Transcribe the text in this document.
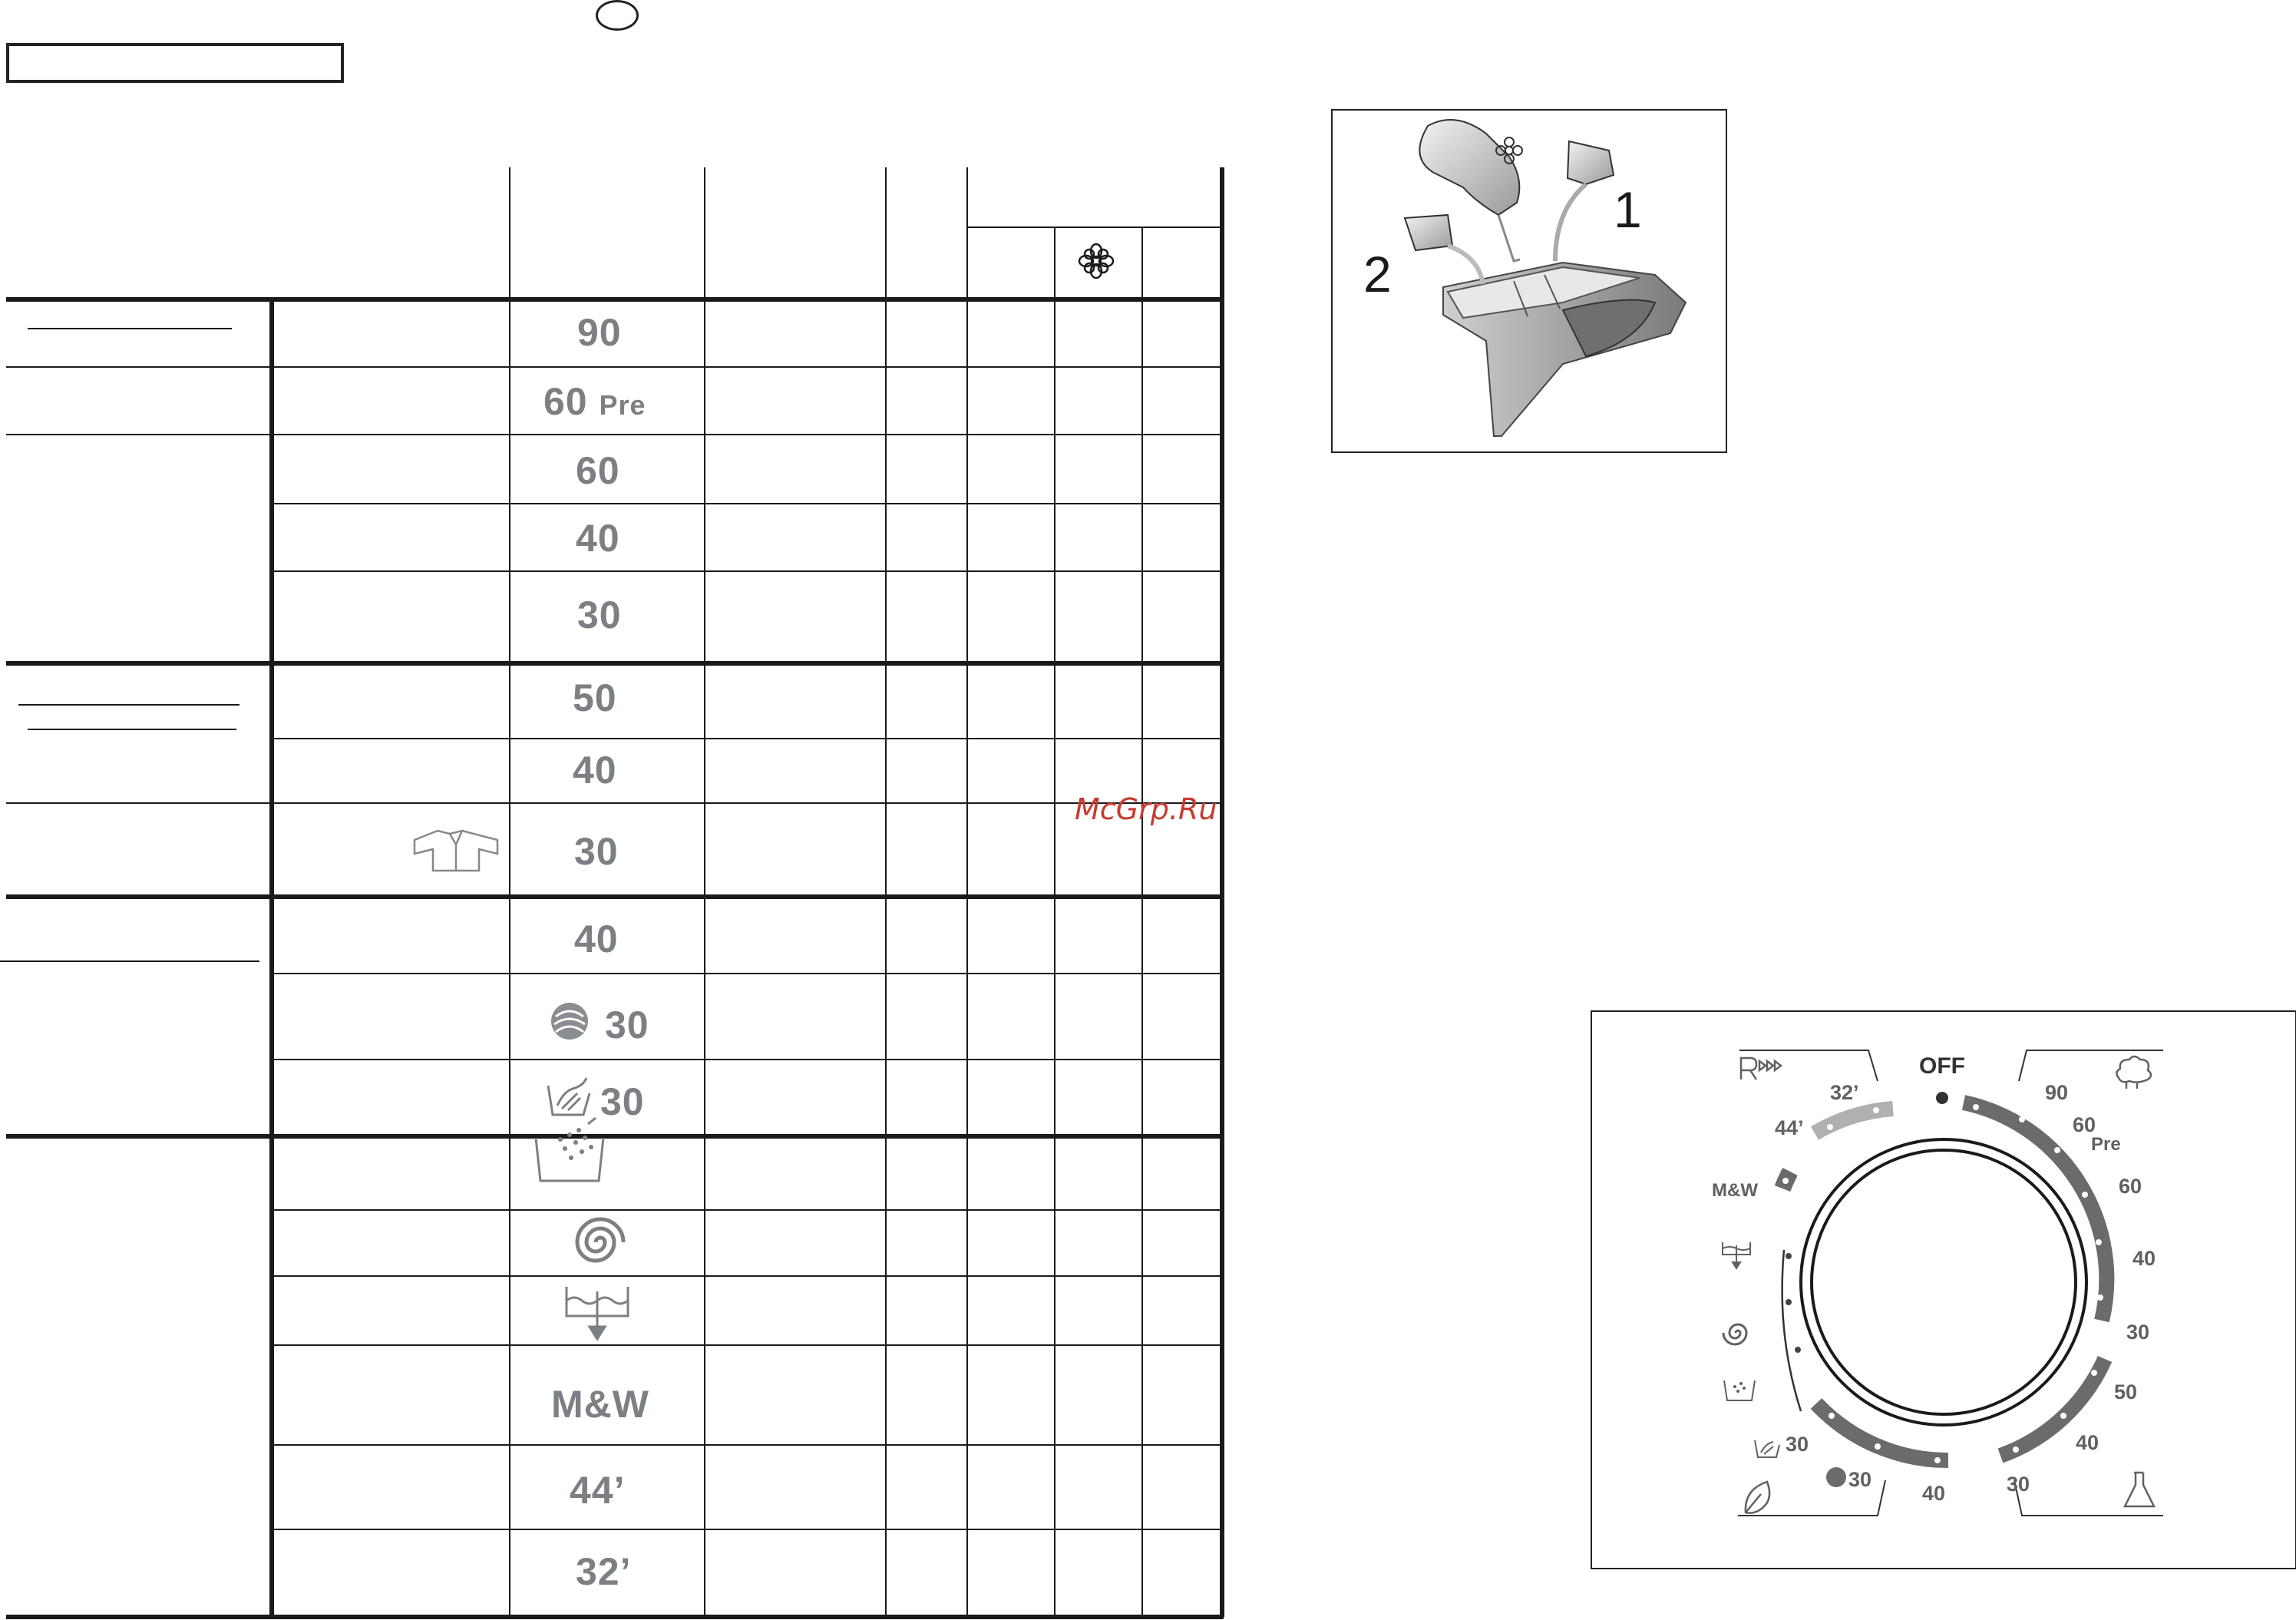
90
60 Pre
60
40
30
50
40
30
40
30
30
M&W
44’
32’
McGrp.Ru
1
2
OFF
90
60
Pre
60
40
30
50
40
30
40
30
30
M&W
44’
32’
